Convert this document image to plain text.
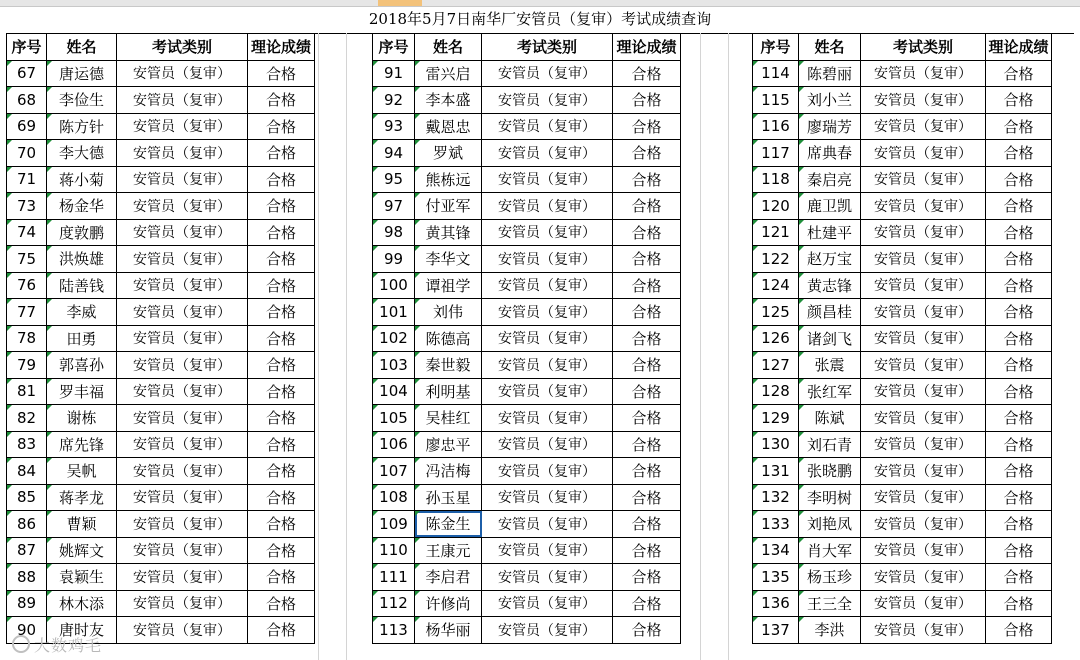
2018年5月7日南华厂安管员（复审）考试成绩查询
序号	姓名	考试类别	理论成绩
67	唐运德	安管员（复审）	合格
68	李俭生	安管员（复审）	合格
69	陈方针	安管员（复审）	合格
70	李大德	安管员（复审）	合格
71	蒋小菊	安管员（复审）	合格
73	杨金华	安管员（复审）	合格
74	度敦鹏	安管员（复审）	合格
75	洪焕雄	安管员（复审）	合格
76	陆善钱	安管员（复审）	合格
77	李威	安管员（复审）	合格
78	田勇	安管员（复审）	合格
79	郭喜孙	安管员（复审）	合格
81	罗丰福	安管员（复审）	合格
82	谢栋	安管员（复审）	合格
83	席先锋	安管员（复审）	合格
84	吴帆	安管员（复审）	合格
85	蒋孝龙	安管员（复审）	合格
86	曹颖	安管员（复审）	合格
87	姚辉文	安管员（复审）	合格
88	袁颖生	安管员（复审）	合格
89	林木添	安管员（复审）	合格
90	唐时友	安管员（复审）	合格
序号	姓名	考试类别	理论成绩
91	雷兴启	安管员（复审）	合格
92	李本盛	安管员（复审）	合格
93	戴恩忠	安管员（复审）	合格
94	罗斌	安管员（复审）	合格
95	熊栋远	安管员（复审）	合格
97	付亚军	安管员（复审）	合格
98	黄其锋	安管员（复审）	合格
99	李华文	安管员（复审）	合格
100	谭祖学	安管员（复审）	合格
101	刘伟	安管员（复审）	合格
102	陈德高	安管员（复审）	合格
103	秦世毅	安管员（复审）	合格
104	利明基	安管员（复审）	合格
105	吴桂红	安管员（复审）	合格
106	廖忠平	安管员（复审）	合格
107	冯洁梅	安管员（复审）	合格
108	孙玉星	安管员（复审）	合格
109	陈金生	安管员（复审）	合格
110	王康元	安管员（复审）	合格
111	李启君	安管员（复审）	合格
112	许修尚	安管员（复审）	合格
113	杨华丽	安管员（复审）	合格
序号	姓名	考试类别	理论成绩
114	陈碧丽	安管员（复审）	合格
115	刘小兰	安管员（复审）	合格
116	廖瑞芳	安管员（复审）	合格
117	席典春	安管员（复审）	合格
118	秦启亮	安管员（复审）	合格
120	鹿卫凯	安管员（复审）	合格
121	杜建平	安管员（复审）	合格
122	赵万宝	安管员（复审）	合格
124	黄志锋	安管员（复审）	合格
125	颜昌桂	安管员（复审）	合格
126	诸剑飞	安管员（复审）	合格
127	张震	安管员（复审）	合格
128	张红军	安管员（复审）	合格
129	陈斌	安管员（复审）	合格
130	刘石青	安管员（复审）	合格
131	张晓鹏	安管员（复审）	合格
132	李明树	安管员（复审）	合格
133	刘艳凤	安管员（复审）	合格
134	肖大军	安管员（复审）	合格
135	杨玉珍	安管员（复审）	合格
136	王三全	安管员（复审）	合格
137	李洪	安管员（复审）	合格
大数鸡毛
